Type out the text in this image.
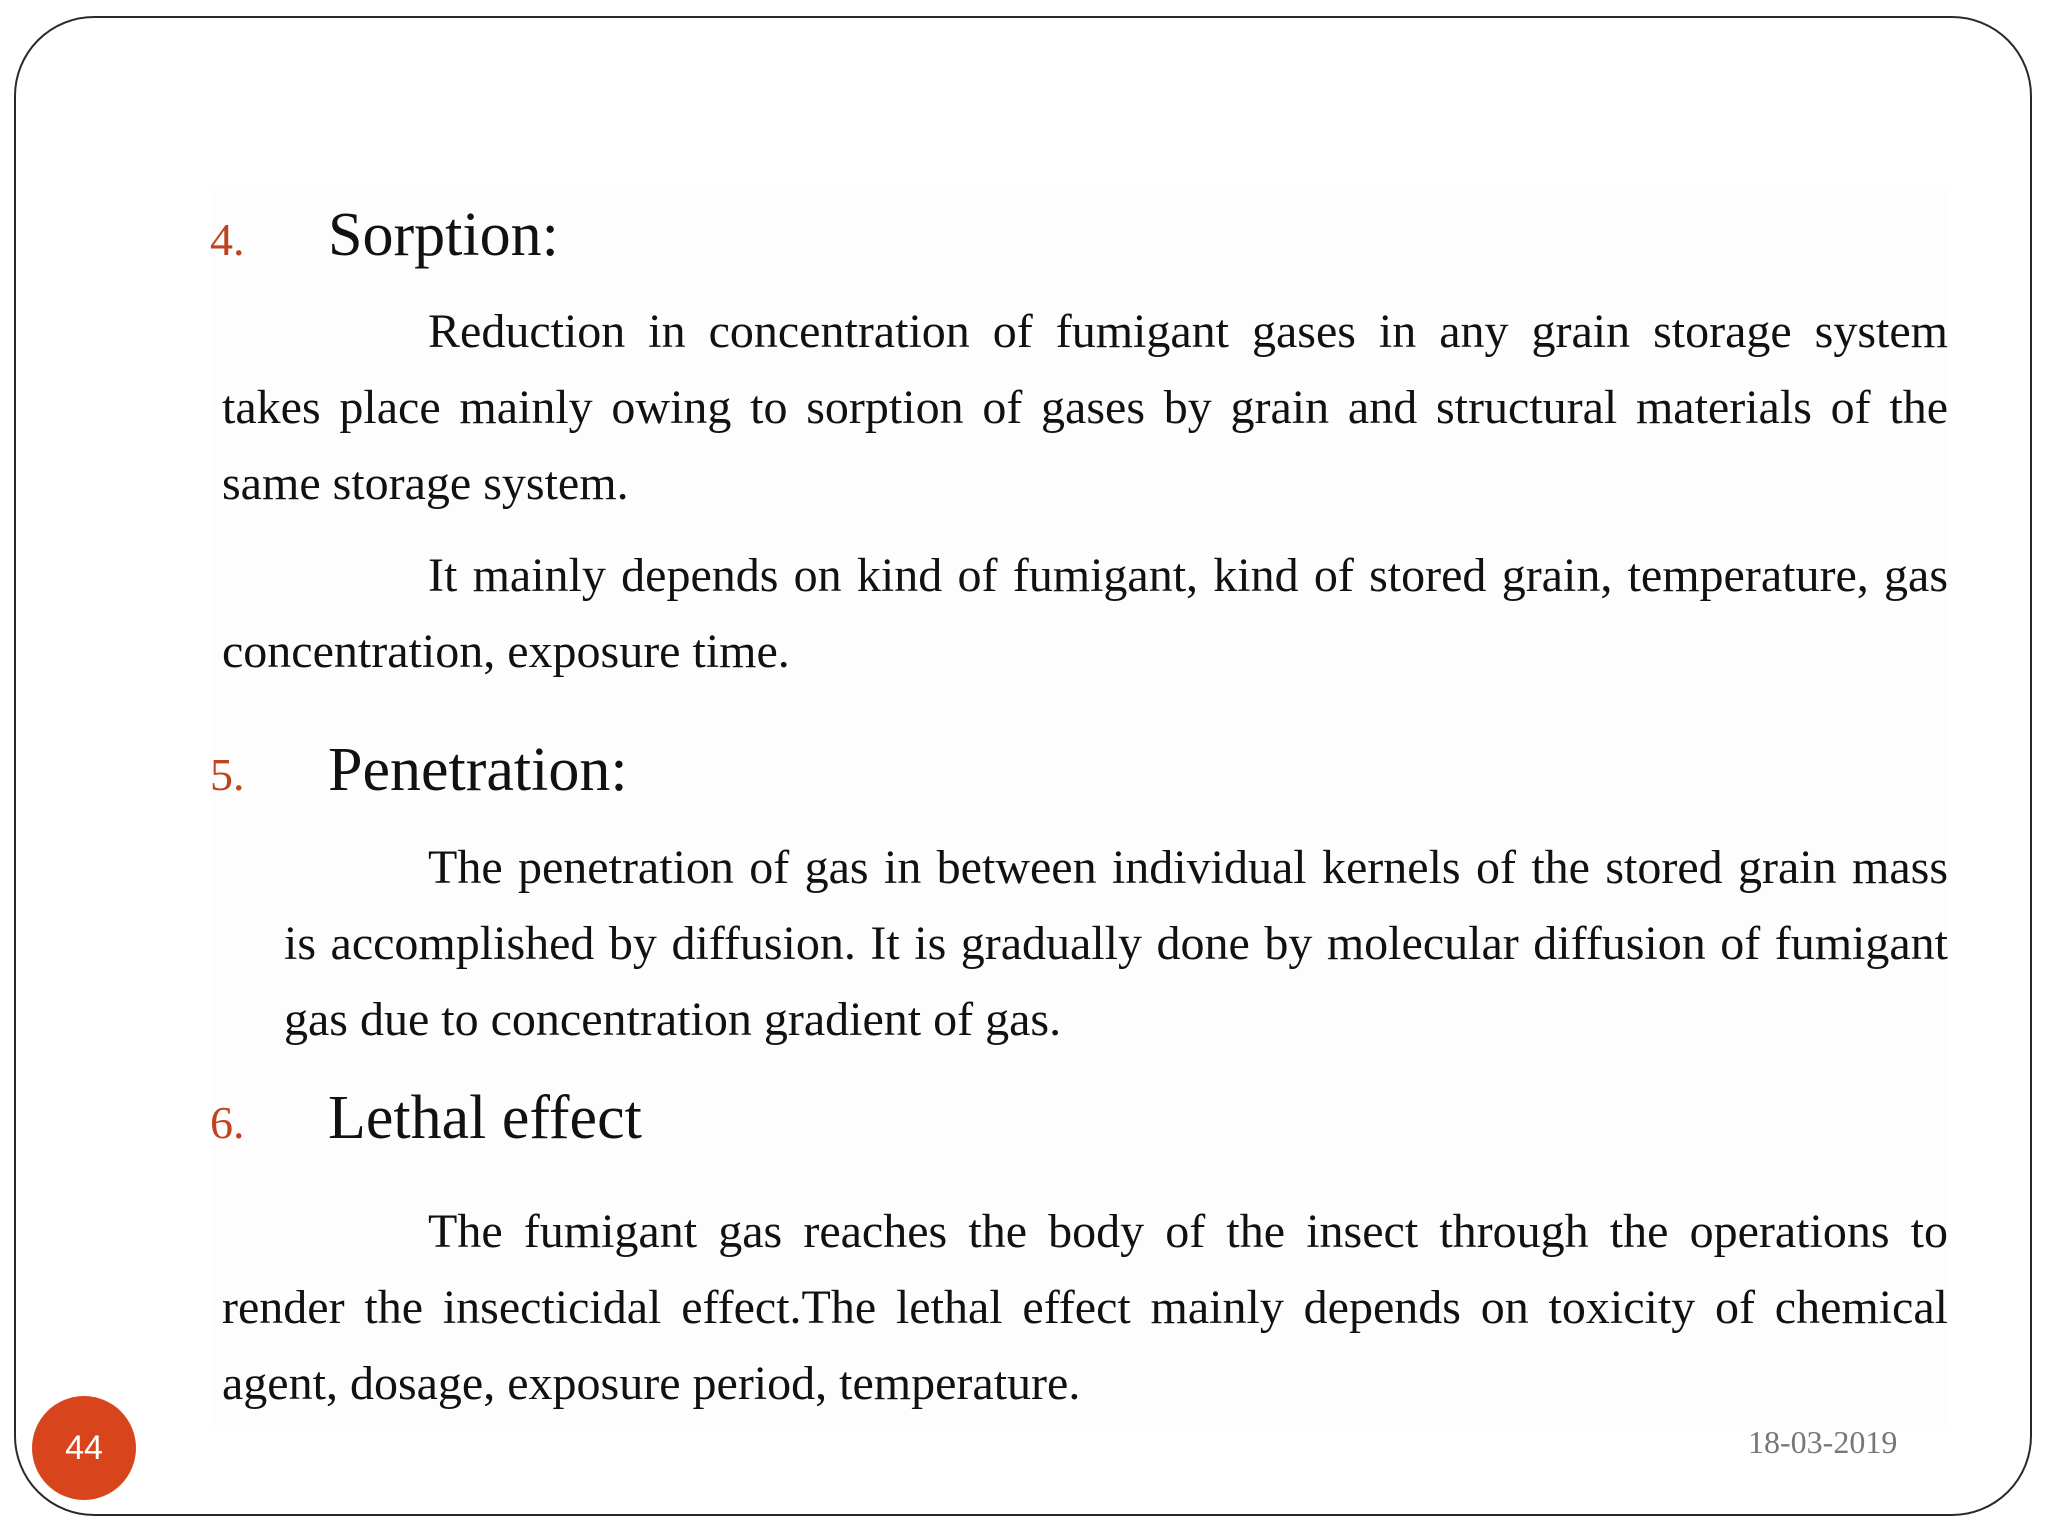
4.	Sorption:

Reduction in concentration of fumigant gases in any grain storage system takes place mainly owing to sorption of gases by grain and structural materials of the same storage system.

It mainly depends on kind of fumigant, kind of stored grain, temperature, gas concentration, exposure time.

5.	Penetration:

The penetration of gas in between individual kernels of the stored grain mass is accomplished by diffusion. It is gradually done by molecular diffusion of fumigant gas due to concentration gradient of gas.

6.	Lethal effect

The fumigant gas reaches the body of the insect through the operations to render the insecticidal effect.The lethal effect mainly depends on toxicity of chemical agent, dosage, exposure period, temperature.

44	18-03-2019
